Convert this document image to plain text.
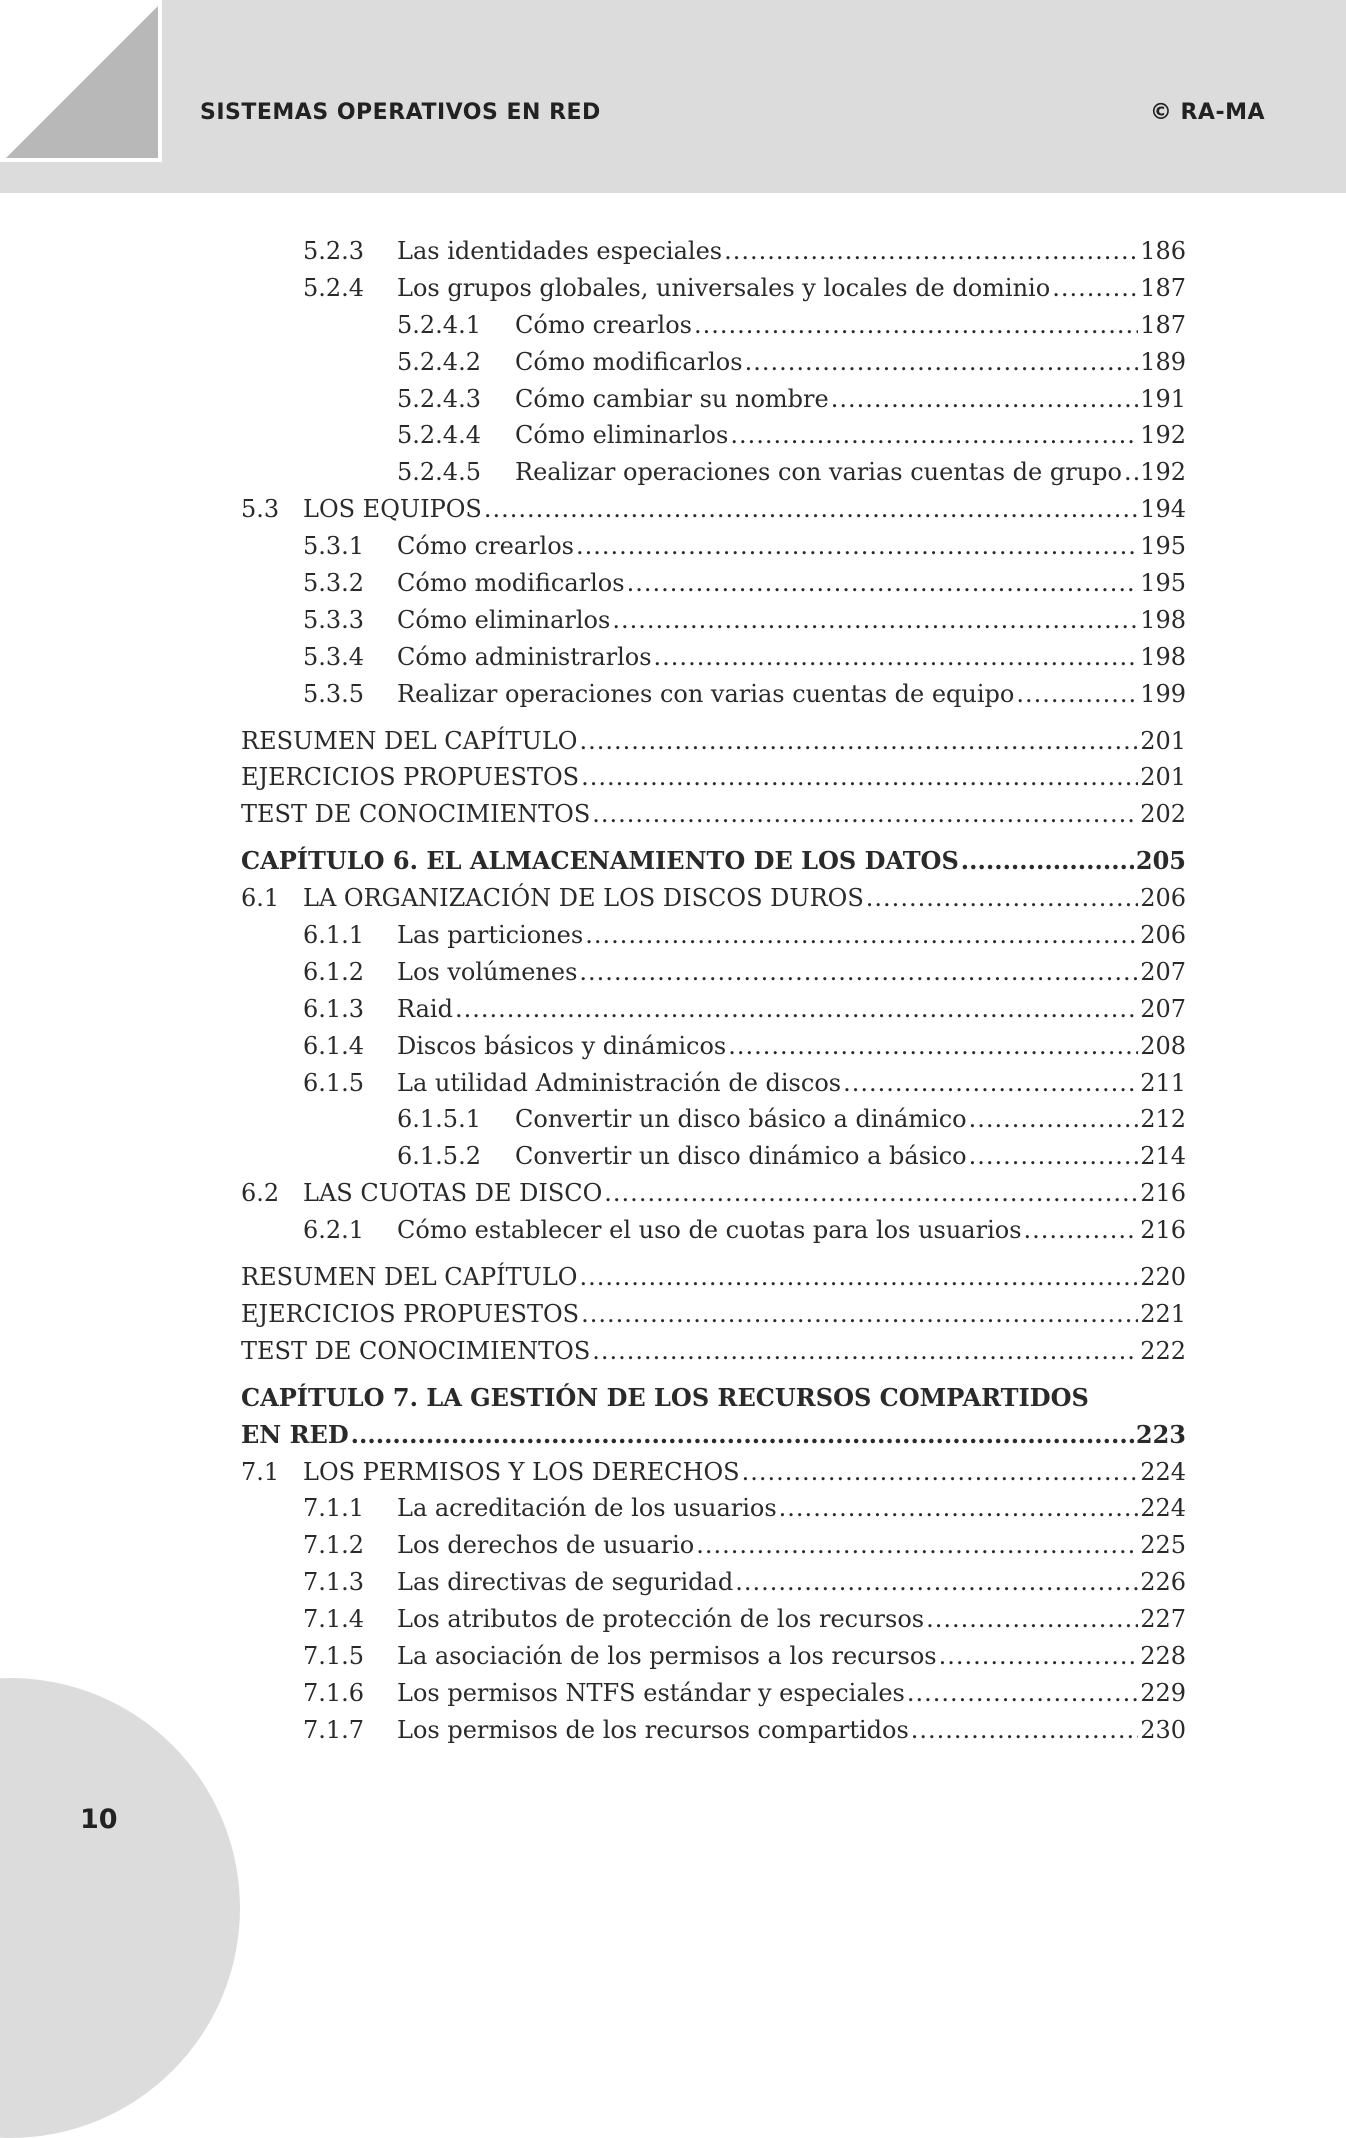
SISTEMAS OPERATIVOS EN RED	© RA-MA
5.2.3	Las identidades especiales .....	186
5.2.4	Los grupos globales, universales y locales de dominio .....	187
5.2.4.1	Cómo crearlos .....	187
5.2.4.2	Cómo modificarlos .....	189
5.2.4.3	Cómo cambiar su nombre .....	191
5.2.4.4	Cómo eliminarlos .....	192
5.2.4.5	Realizar operaciones con varias cuentas de grupo ..... 192
5.3 LOS EQUIPOS .....	194
5.3.1	Cómo crearlos .....	195
5.3.2	Cómo modificarlos .....	195
5.3.3	Cómo eliminarlos .....	198
5.3.4	Cómo administrarlos .....	198
5.3.5	Realizar operaciones con varias cuentas de equipo .....	199
RESUMEN DEL CAPÍTULO .....	201
EJERCICIOS PROPUESTOS .....	201
TEST DE CONOCIMIENTOS .....	202
CAPÍTULO 6. EL ALMACENAMIENTO DE LOS DATOS .....	205
6.1 LA ORGANIZACIÓN DE LOS DISCOS DUROS .....	206
6.1.1	Las particiones .....	206
6.1.2	Los volúmenes .....	207
6.1.3	Raid .....	207
6.1.4	Discos básicos y dinámicos .....	208
6.1.5	La utilidad Administración de discos .....	211
6.1.5.1	Convertir un disco básico a dinámico .....	212
6.1.5.2	Convertir un disco dinámico a básico .....	214
6.2 LAS CUOTAS DE DISCO .....	216
6.2.1	Cómo establecer el uso de cuotas para los usuarios .....	216
RESUMEN DEL CAPÍTULO .....	220
EJERCICIOS PROPUESTOS .....	221
TEST DE CONOCIMIENTOS .....	222
CAPÍTULO 7. LA GESTIÓN DE LOS RECURSOS COMPARTIDOS
EN RED .....	223
7.1 LOS PERMISOS Y LOS DERECHOS .....	224
7.1.1	La acreditación de los usuarios .....	224
7.1.2	Los derechos de usuario .....	225
7.1.3	Las directivas de seguridad .....	226
7.1.4	Los atributos de protección de los recursos .....	227
7.1.5	La asociación de los permisos a los recursos .....	228
7.1.6	Los permisos NTFS estándar y especiales .....	229
7.1.7	Los permisos de los recursos compartidos .....	230
10
